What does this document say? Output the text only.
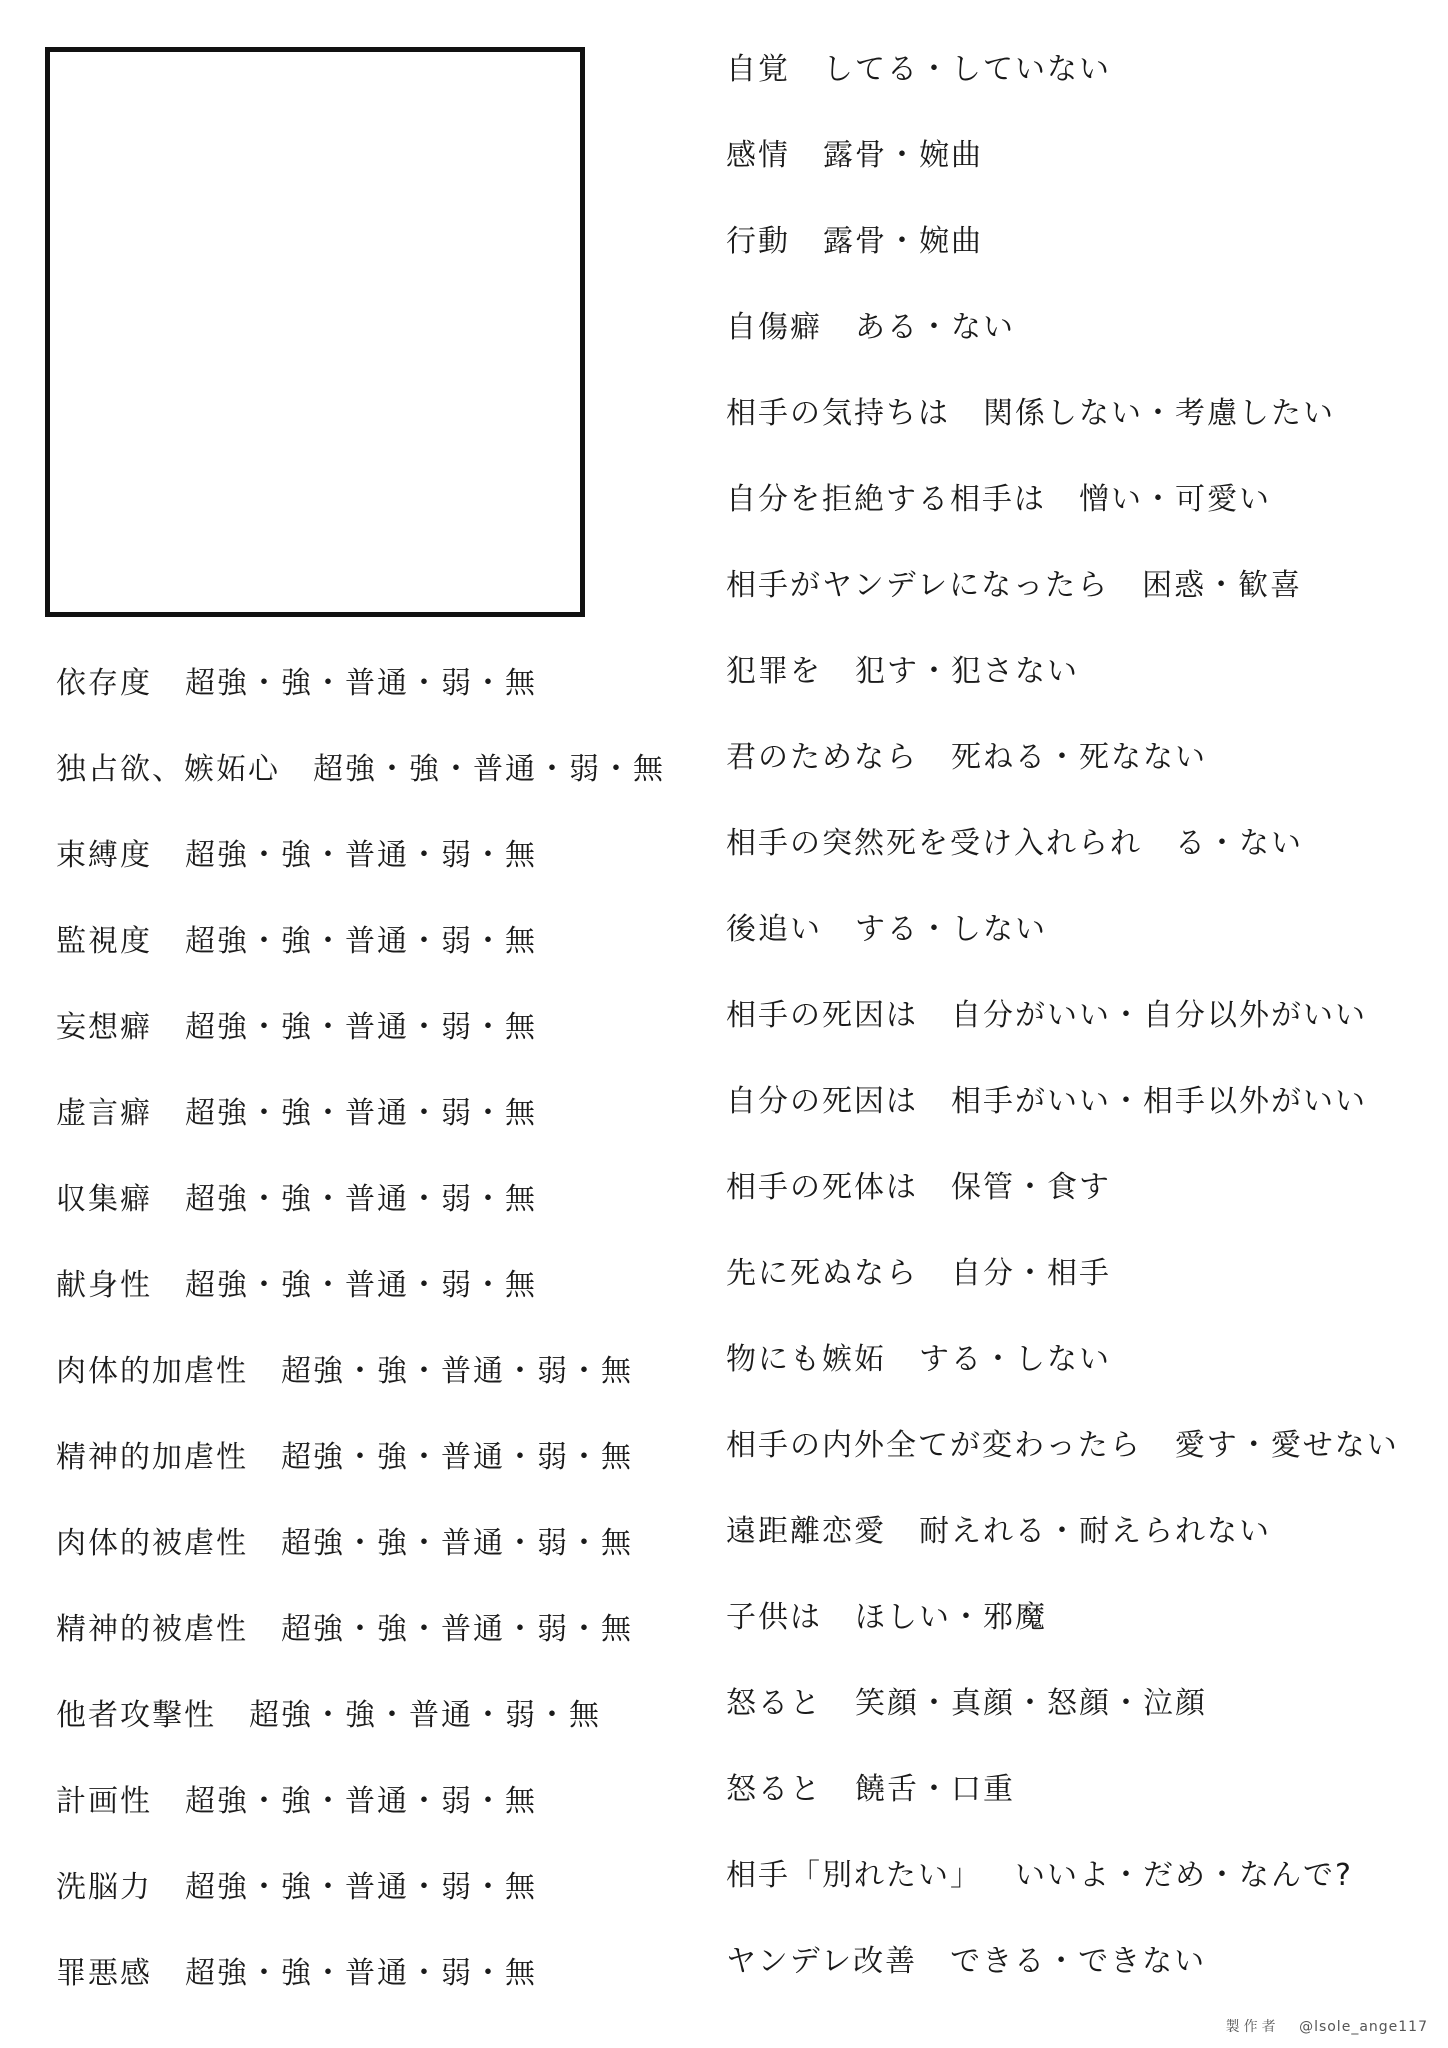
依存度 超強・強・普通・弱・無
独占欲、嫉妬心 超強・強・普通・弱・無
束縛度 超強・強・普通・弱・無
監視度 超強・強・普通・弱・無
妄想癖 超強・強・普通・弱・無
虚言癖 超強・強・普通・弱・無
収集癖 超強・強・普通・弱・無
献身性 超強・強・普通・弱・無
肉体的加虐性 超強・強・普通・弱・無
精神的加虐性 超強・強・普通・弱・無
肉体的被虐性 超強・強・普通・弱・無
精神的被虐性 超強・強・普通・弱・無
他者攻撃性 超強・強・普通・弱・無
計画性 超強・強・普通・弱・無
洗脳力 超強・強・普通・弱・無
罪悪感 超強・強・普通・弱・無
自覚 してる・していない
感情 露骨・婉曲
行動 露骨・婉曲
自傷癖 ある・ない
相手の気持ちは 関係しない・考慮したい
自分を拒絶する相手は 憎い・可愛い
相手がヤンデレになったら 困惑・歓喜
犯罪を 犯す・犯さない
君のためなら 死ねる・死なない
相手の突然死を受け入れられ る・ない
後追い する・しない
相手の死因は 自分がいい・自分以外がいい
自分の死因は 相手がいい・相手以外がいい
相手の死体は 保管・食す
先に死ぬなら 自分・相手
物にも嫉妬 する・しない
相手の内外全てが変わったら 愛す・愛せない
遠距離恋愛 耐えれる・耐えられない
子供は ほしい・邪魔
怒ると 笑顔・真顔・怒顔・泣顔
怒ると 饒舌・口重
相手「別れたい」 いいよ・だめ・なんで?
ヤンデレ改善 できる・できない
製作者 @lsole_ange117
